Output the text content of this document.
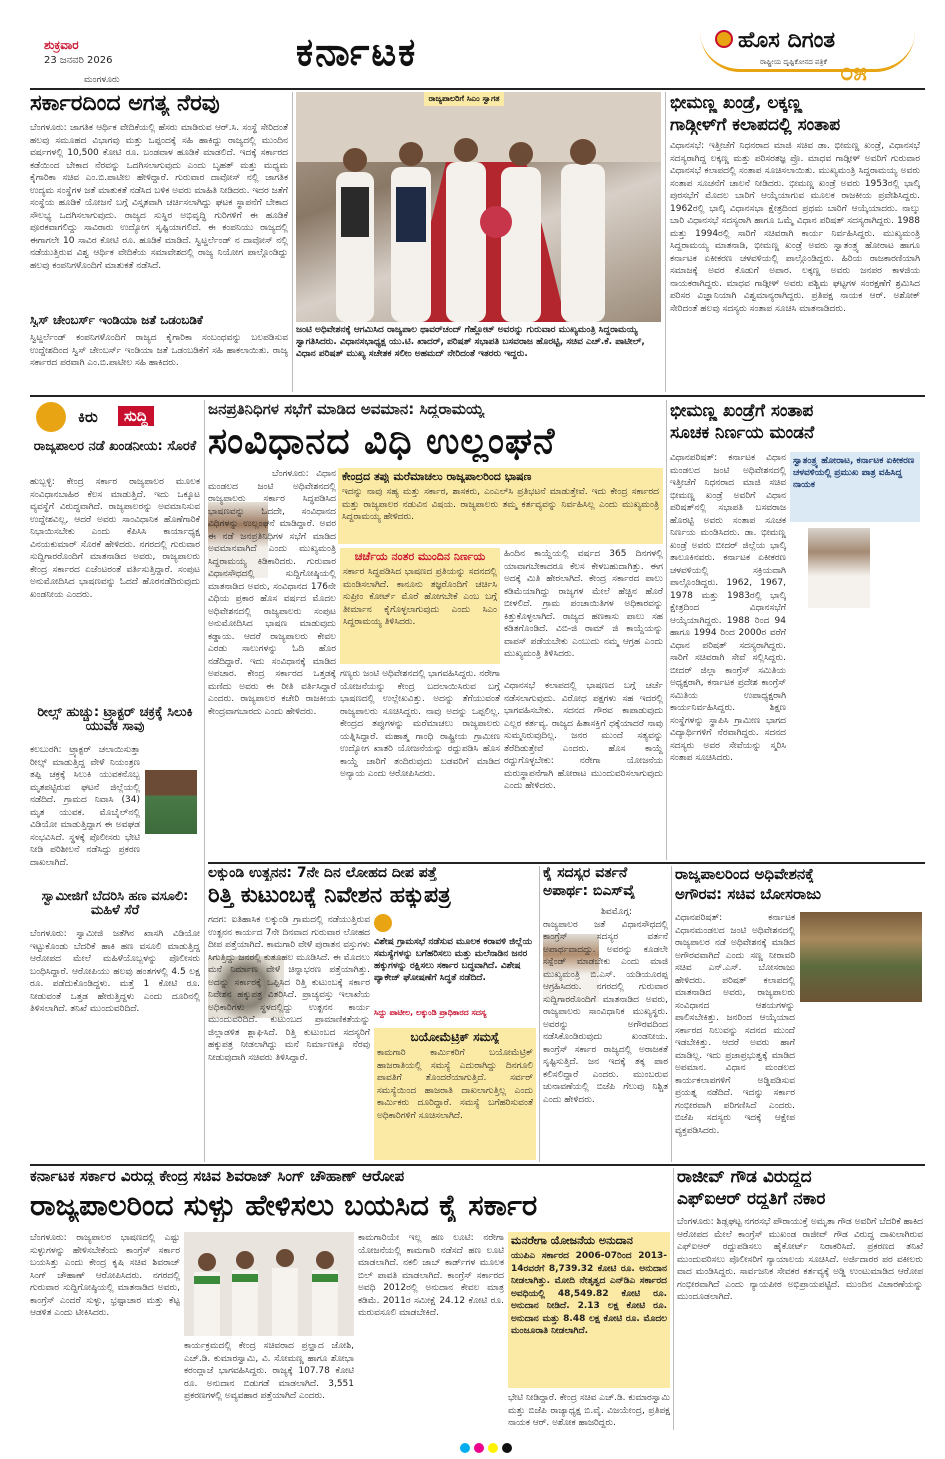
ಶುಕ್ರವಾರ
23 ಜನವರಿ 2026
ಮಂಗಳೂರು
ಕರ್ನಾಟಕ	ಹೊಸ ದಿಗಂತ
ರಾಷ್ಟ್ರೀಯ ದೃಷ್ಟಿಕೋನದ ಪತ್ರಿಕೆ ೦೫
ಸರ್ಕಾರದಿಂದ ಅಗತ್ಯ ನೆರವು
ಬೆಂಗಳೂರು: ಜಾಗತಿಕ ಆರ್ಥಿಕ ವೇದಿಕೆಯಲ್ಲಿ ಹೆಸರು ಮಾಡಿರುವ ಆರ್.ಸಿ. ಸಂಸ್ಥೆ ಸೇರಿದಂತೆ ಹಲವು ಸಮೂಹದ ವಿಭಾಗವು ಮತ್ತು ಒಪ್ಪಂದಕ್ಕೆ ಸಹಿ ಹಾಕಿದ್ದು ರಾಜ್ಯದಲ್ಲಿ ಮುಂದಿನ ವರ್ಷಗಳಲ್ಲಿ 10,500 ಕೋಟಿ ರೂ. ಬಂಡವಾಳ ಹೂಡಿಕೆ ಮಾಡಲಿದೆ. ಇದಕ್ಕೆ ಸರ್ಕಾರದ ಕಡೆಯಿಂದ ಬೇಕಾದ ನೆರವನ್ನು ಒದಗಿಸಲಾಗುವುದು ಎಂದು ಬೃಹತ್ ಮತ್ತು ಮಧ್ಯಮ ಕೈಗಾರಿಕಾ ಸಚಿವ ಎಂ.ಬಿ.ಪಾಟೀಲ ಹೇಳಿದ್ದಾರೆ. ಗುರುವಾರ ದಾವೋಸ್ ನಲ್ಲಿ ಜಾಗತಿಕ ಉದ್ಯಮ ಸಂಸ್ಥೆಗಳ ಜತೆ ಮಾತುಕತೆ ನಡೆಸಿದ ಬಳಿಕ ಅವರು ಮಾಹಿತಿ ನೀಡಿದರು. ಇದರ ಜತೆಗೆ ಸಂಸ್ಥೆಯ ಹೂಡಿಕೆ ಯೋಜನೆ ಬಗ್ಗೆ ವಿಸ್ತೃತವಾಗಿ ಚರ್ಚಿಸಲಾಗಿದ್ದು ಘಟಕ ಸ್ಥಾಪನೆಗೆ ಬೇಕಾದ ಸೌಲಭ್ಯ ಒದಗಿಸಲಾಗುವುದು. ರಾಜ್ಯದ ಸುಸ್ಥಿರ ಅಭಿವೃದ್ಧಿ ಗುರಿಗಳಿಗೆ ಈ ಹೂಡಿಕೆ ಪೂರಕವಾಗಲಿದ್ದು ಸಾವಿರಾರು ಉದ್ಯೋಗ ಸೃಷ್ಟಿಯಾಗಲಿದೆ. ಈ ಕಂಪನಿಯು ರಾಜ್ಯದಲ್ಲಿ ಈಗಾಗಲೇ 10 ಸಾವಿರ ಕೋಟಿ ರೂ. ಹೂಡಿಕೆ ಮಾಡಿದೆ. ಸ್ವಿಟ್ಜರ್ಲೆಂಡ್ ನ ದಾವೋಸ್ ನಲ್ಲಿ ನಡೆಯುತ್ತಿರುವ ವಿಶ್ವ ಆರ್ಥಿಕ ವೇದಿಕೆಯ ಸಮಾವೇಶದಲ್ಲಿ ರಾಜ್ಯ ನಿಯೋಗ ಪಾಲ್ಗೊಂಡಿದ್ದು ಹಲವು ಕಂಪನಿಗಳೊಂದಿಗೆ ಮಾತುಕತೆ ನಡೆಸಿದೆ.
ಸ್ವಿಸ್ ಚೇಂಬರ್ಸ್ ಇಂಡಿಯಾ ಜತೆ ಒಡಂಬಡಿಕೆ
ಸ್ವಿಟ್ಜರ್ಲೆಂಡ್ ಕಂಪನಿಗಳೊಂದಿಗೆ ರಾಜ್ಯದ ಕೈಗಾರಿಕಾ ಸಂಬಂಧವನ್ನು ಬಲಪಡಿಸುವ ಉದ್ದೇಶದಿಂದ ಸ್ವಿಸ್ ಚೇಂಬರ್ಸ್ ಇಂಡಿಯಾ ಜತೆ ಒಡಂಬಡಿಕೆಗೆ ಸಹಿ ಹಾಕಲಾಯಿತು. ರಾಜ್ಯ ಸರ್ಕಾರದ ಪರವಾಗಿ ಎಂ.ಬಿ.ಪಾಟೀಲ ಸಹಿ ಹಾಕಿದರು.
ರಾಜ್ಯಪಾಲರಿಗೆ ಸಿಎಂ ಸ್ವಾಗತ
ಜಂಟಿ ಅಧಿವೇಶನಕ್ಕೆ ಆಗಮಿಸಿದ ರಾಜ್ಯಪಾಲ ಥಾವರ್‌ಚಂದ್ ಗೆಹ್ಲೋಟ್ ಅವರನ್ನು ಗುರುವಾರ ಮುಖ್ಯಮಂತ್ರಿ ಸಿದ್ದರಾಮಯ್ಯ ಸ್ವಾಗತಿಸಿದರು. ವಿಧಾನಸಭಾಧ್ಯಕ್ಷ ಯು.ಟಿ. ಖಾದರ್, ಪರಿಷತ್ ಸಭಾಪತಿ ಬಸವರಾಜ ಹೊರಟ್ಟಿ, ಸಚಿವ ಎಚ್.ಕೆ. ಪಾಟೀಲ್, ವಿಧಾನ ಪರಿಷತ್ ಮುಖ್ಯ ಸಚೇತಕ ಸಲೀಂ ಅಹಮದ್ ನೇರಿದಂತೆ ಇತರರು ಇದ್ದರು.
ಭೀಮಣ್ಣ ಖಂಡ್ರೆ, ಲಕ್ಕಣ್ಣ
ಗಾಡ್ಗೀಳ್‌ಗೆ ಕಲಾಪದಲ್ಲಿ ಸಂತಾಪ
ವಿಧಾನಸಭೆ: ಇತ್ತೀಚೆಗೆ ನಿಧನರಾದ ಮಾಜಿ ಸಚಿವ ಡಾ. ಭೀಮಣ್ಣ ಖಂಡ್ರೆ, ವಿಧಾನಸಭೆ ಸದಸ್ಯರಾಗಿದ್ದ ಲಕ್ಕಣ್ಣ ಮತ್ತು ಪರಿಸರತಜ್ಞ ಪ್ರೊ. ಮಾಧವ ಗಾಡ್ಗೀಳ್ ಅವರಿಗೆ ಗುರುವಾರ ವಿಧಾನಸಭೆ ಕಲಾಪದಲ್ಲಿ ಸಂತಾಪ ಸೂಚಿಸಲಾಯಿತು. ಮುಖ್ಯಮಂತ್ರಿ ಸಿದ್ದರಾಮಯ್ಯ ಅವರು ಸಂತಾಪ ಸೂಚನೆಗೆ ಚಾಲನೆ ನೀಡಿದರು. ಭೀಮಣ್ಣ ಖಂಡ್ರೆ ಅವರು 1953ರಲ್ಲಿ ಭಾಲ್ಕಿ ಪುರಸಭೆಗೆ ಮೊದಲ ಬಾರಿಗೆ ಆಯ್ಕೆಯಾಗುವ ಮೂಲಕ ರಾಜಕೀಯ ಪ್ರವೇಶಿಸಿದ್ದರು. 1962ರಲ್ಲಿ ಭಾಲ್ಕಿ ವಿಧಾನಸಭಾ ಕ್ಷೇತ್ರದಿಂದ ಪ್ರಥಮ ಬಾರಿಗೆ ಆಯ್ಕೆಯಾದರು. ನಾಲ್ಕು ಬಾರಿ ವಿಧಾನಸಭೆ ಸದಸ್ಯರಾಗಿ ಹಾಗೂ ಒಮ್ಮೆ ವಿಧಾನ ಪರಿಷತ್ ಸದಸ್ಯರಾಗಿದ್ದರು. 1988 ಮತ್ತು 1994ರಲ್ಲಿ ಸಾರಿಗೆ ಸಚಿವರಾಗಿ ಕಾರ್ಯ ನಿರ್ವಹಿಸಿದ್ದರು. ಮುಖ್ಯಮಂತ್ರಿ ಸಿದ್ದರಾಮಯ್ಯ ಮಾತನಾಡಿ, ಭೀಮಣ್ಣ ಖಂಡ್ರೆ ಅವರು ಸ್ವಾತಂತ್ರ್ಯ ಹೋರಾಟ ಹಾಗೂ ಕರ್ನಾಟಕ ಏಕೀಕರಣ ಚಳವಳಿಯಲ್ಲಿ ಪಾಲ್ಗೊಂಡಿದ್ದರು. ಹಿರಿಯ ರಾಜಕಾರಣಿಯಾಗಿ ಸಮಾಜಕ್ಕೆ ಅವರ ಕೊಡುಗೆ ಅಪಾರ. ಲಕ್ಕಣ್ಣ ಅವರು ಜನಪರ ಕಾಳಜಿಯ ನಾಯಕರಾಗಿದ್ದರು. ಮಾಧವ ಗಾಡ್ಗೀಳ್ ಅವರು ಪಶ್ಚಿಮ ಘಟ್ಟಗಳ ಸಂರಕ್ಷಣೆಗೆ ಶ್ರಮಿಸಿದ ಪರಿಸರ ವಿಜ್ಞಾನಿಯಾಗಿ ವಿಶ್ವಮಾನ್ಯರಾಗಿದ್ದರು. ಪ್ರತಿಪಕ್ಷ ನಾಯಕ ಆರ್. ಅಶೋಕ್ ಸೇರಿದಂತೆ ಹಲವು ಸದಸ್ಯರು ಸಂತಾಪ ಸೂಚಿಸಿ ಮಾತನಾಡಿದರು.
ಕಿರು	ಸುದ್ದಿ
ರಾಜ್ಯಪಾಲರ ನಡೆ ಖಂಡನೀಯ: ಸೊರಕೆ
ಹುಬ್ಬಳ್ಳಿ: ಕೇಂದ್ರ ಸರ್ಕಾರ ರಾಜ್ಯಪಾಲರ ಮೂಲಕ ಸಂವಿಧಾನಬಾಹಿರ ಕೆಲಸ ಮಾಡುತ್ತಿದೆ. ಇದು ಒಕ್ಕೂಟ ವ್ಯವಸ್ಥೆಗೆ ವಿರುದ್ಧವಾಗಿದೆ. ರಾಜ್ಯಪಾಲರನ್ನು ಅವಮಾನಿಸುವ ಉದ್ದೇಶವಿಲ್ಲ, ಆದರೆ ಅವರು ಸಾಂವಿಧಾನಿಕ ಹೊಣೆಗಾರಿಕೆ ನಿಭಾಯಿಸಬೇಕು ಎಂದು ಕೆಪಿಸಿಸಿ ಕಾರ್ಯಾಧ್ಯಕ್ಷ ವಿನಯಕುಮಾರ್ ಸೊರಕೆ ಹೇಳಿದರು. ನಗರದಲ್ಲಿ ಗುರುವಾರ ಸುದ್ದಿಗಾರರೊಂದಿಗೆ ಮಾತನಾಡಿದ ಅವರು, ರಾಜ್ಯಪಾಲರು ಕೇಂದ್ರ ಸರ್ಕಾರದ ಏಜೆಂಟರಂತೆ ವರ್ತಿಸುತ್ತಿದ್ದಾರೆ. ಸಂಪುಟ ಅನುಮೋದಿಸಿದ ಭಾಷಣವನ್ನು ಓದದೆ ಹೊರನಡೆದಿರುವುದು ಖಂಡನೀಯ ಎಂದರು.
ರೀಲ್ಸ್ ಹುಚ್ಚು: ಟ್ರ್ಯಾಕ್ಟರ್ ಚಕ್ರಕ್ಕೆ ಸಿಲುಕಿ ಯುವಕ ಸಾವು
ಕಲಬುರಗಿ: ಟ್ರ್ಯಾಕ್ಟರ್ ಚಲಾಯಿಸುತ್ತಾ ರೀಲ್ಸ್ ಮಾಡುತ್ತಿದ್ದ ವೇಳೆ ನಿಯಂತ್ರಣ ತಪ್ಪಿ ಚಕ್ರಕ್ಕೆ ಸಿಲುಕಿ ಯುವಕನೊಬ್ಬ ಮೃತಪಟ್ಟಿರುವ ಘಟನೆ ಜಿಲ್ಲೆಯಲ್ಲಿ ನಡೆದಿದೆ. ಗ್ರಾಮದ ನಿವಾಸಿ (34) ಮೃತ ಯುವಕ. ಮೊಬೈಲ್‌ನಲ್ಲಿ ವಿಡಿಯೋ ಮಾಡುತ್ತಿದ್ದಾಗ ಈ ಅವಘಡ ಸಂಭವಿಸಿದೆ. ಸ್ಥಳಕ್ಕೆ ಪೊಲೀಸರು ಭೇಟಿ ನೀಡಿ ಪರಿಶೀಲನೆ ನಡೆಸಿದ್ದು ಪ್ರಕರಣ ದಾಖಲಾಗಿದೆ.
ಸ್ವಾಮೀಜಿಗೆ ಬೆದರಿಸಿ ಹಣ ವಸೂಲಿ: ಮಹಿಳೆ ಸೆರೆ
ಬೆಂಗಳೂರು: ಸ್ವಾಮೀಜಿ ಜತೆಗಿನ ಖಾಸಗಿ ವಿಡಿಯೋ ಇಟ್ಟುಕೊಂಡು ಬೆದರಿಕೆ ಹಾಕಿ ಹಣ ವಸೂಲಿ ಮಾಡುತ್ತಿದ್ದ ಆರೋಪದ ಮೇಲೆ ಮಹಿಳೆಯೊಬ್ಬಳನ್ನು ಪೊಲೀಸರು ಬಂಧಿಸಿದ್ದಾರೆ. ಆರೋಪಿಯು ಹಲವು ಹಂತಗಳಲ್ಲಿ 4.5 ಲಕ್ಷ ರೂ. ಪಡೆದುಕೊಂಡಿದ್ದಳು. ಮತ್ತೆ 1 ಕೋಟಿ ರೂ. ನೀಡುವಂತೆ ಒತ್ತಡ ಹೇರುತ್ತಿದ್ದಳು ಎಂದು ದೂರಿನಲ್ಲಿ ತಿಳಿಸಲಾಗಿದೆ. ತನಿಖೆ ಮುಂದುವರಿದಿದೆ.
ಜನಪ್ರತಿನಿಧಿಗಳ ಸಭೆಗೆ ಮಾಡಿದ ಅವಮಾನ: ಸಿದ್ದರಾಮಯ್ಯ
ಸಂವಿಧಾನದ ವಿಧಿ ಉಲ್ಲಂಘನೆ
ಬೆಂಗಳೂರು: ವಿಧಾನ ಮಂಡಲದ ಜಂಟಿ ಅಧಿವೇಶನದಲ್ಲಿ ರಾಜ್ಯಪಾಲರು ಸರ್ಕಾರ ಸಿದ್ಧಪಡಿಸಿದ ಭಾಷಣವನ್ನು ಓದದೇ, ಸಂವಿಧಾನದ ವಿಧಿಗಳನ್ನು ಉಲ್ಲಂಘನೆ ಮಾಡಿದ್ದಾರೆ. ಅವರ ಈ ನಡೆ ಜನಪ್ರತಿನಿಧಿಗಳ ಸಭೆಗೆ ಮಾಡಿದ ಅವಮಾನವಾಗಿದೆ ಎಂದು ಮುಖ್ಯಮಂತ್ರಿ ಸಿದ್ದರಾಮಯ್ಯ ಕಿಡಿಕಾರಿದರು. ಗುರುವಾರ ವಿಧಾನಸೌಧದಲ್ಲಿ ಸುದ್ದಿಗೋಷ್ಠಿಯಲ್ಲಿ ಮಾತನಾಡಿದ ಅವರು, ಸಂವಿಧಾನದ 176ನೇ ವಿಧಿಯ ಪ್ರಕಾರ ಹೊಸ ವರ್ಷದ ಮೊದಲ ಅಧಿವೇಶನದಲ್ಲಿ ರಾಜ್ಯಪಾಲರು ಸಂಪುಟ ಅನುಮೋದಿಸಿದ ಭಾಷಣ ಮಾಡುವುದು ಕಡ್ಡಾಯ. ಆದರೆ ರಾಜ್ಯಪಾಲರು ಕೇವಲ ಎರಡು ಸಾಲುಗಳನ್ನು ಓದಿ ಹೊರ ನಡೆದಿದ್ದಾರೆ. ಇದು ಸಂವಿಧಾನಕ್ಕೆ ಮಾಡಿದ ಅಪಚಾರ. ಕೇಂದ್ರ ಸರ್ಕಾರದ ಒತ್ತಡಕ್ಕೆ ಮಣಿದು ಅವರು ಈ ರೀತಿ ವರ್ತಿಸಿದ್ದಾರೆ ಎಂದರು. ರಾಜ್ಯಪಾಲರ ಕಚೇರಿ ರಾಜಕೀಯ ಕೇಂದ್ರವಾಗಬಾರದು ಎಂದು ಹೇಳಿದರು.
ಕೇಂದ್ರದ ತಪ್ಪು ಮರೆಮಾಚಲು ರಾಜ್ಯಪಾಲರಿಂದ ಭಾಷಣ
ಇದನ್ನು ನಾವು ಸಹ್ಯ ಮತ್ತು ಸರ್ಕಾರ, ಶಾಸಕರು, ಎಂಎಲ್‌ಸಿ ಪ್ರತಿಭಟನೆ ಮಾಡುತ್ತೇವೆ. ಇದು ಕೇಂದ್ರ ಸರ್ಕಾರದ ಮತ್ತು ರಾಜ್ಯಪಾಲರ ನಡುವಿನ ವಿಷಯ. ರಾಜ್ಯಪಾಲರು ತಮ್ಮ ಕರ್ತವ್ಯವನ್ನು ನಿರ್ವಹಿಸಿಲ್ಲ ಎಂದು ಮುಖ್ಯಮಂತ್ರಿ ಸಿದ್ದರಾಮಯ್ಯ ಹೇಳಿದರು.
ಚರ್ಚೆಯ ನಂತರ ಮುಂದಿನ ನಿರ್ಣಯ
ಸರ್ಕಾರ ಸಿದ್ಧಪಡಿಸಿದ ಭಾಷಣದ ಪ್ರತಿಯನ್ನು ಸದನದಲ್ಲಿ ಮಂಡಿಸಲಾಗಿದೆ. ಕಾನೂನು ತಜ್ಞರೊಂದಿಗೆ ಚರ್ಚಿಸಿ ಸುಪ್ರೀಂ ಕೋರ್ಟ್ ಮೊರೆ ಹೋಗಬೇಕೆ ಎಂಬ ಬಗ್ಗೆ ತೀರ್ಮಾನ ಕೈಗೊಳ್ಳಲಾಗುವುದು ಎಂದು ಸಿಎಂ ಸಿದ್ದರಾಮಯ್ಯ ತಿಳಿಸಿದರು.
ಗಣ್ಯರು ಜಂಟಿ ಅಧಿವೇಶನದಲ್ಲಿ ಭಾಗವಹಿಸಿದ್ದರು. ನರೇಗಾ ಯೋಜನೆಯನ್ನು ಕೇಂದ್ರ ಬದಲಾಯಿಸಿರುವ ಬಗ್ಗೆ ಭಾಷಣದಲ್ಲಿ ಉಲ್ಲೇಖವಿತ್ತು. ಅದನ್ನು ತೆಗೆಯುವಂತೆ ರಾಜ್ಯಪಾಲರು ಸೂಚಿಸಿದ್ದರು. ನಾವು ಅದನ್ನು ಒಪ್ಪಲಿಲ್ಲ. ಕೇಂದ್ರದ ತಪ್ಪುಗಳನ್ನು ಮರೆಮಾಚಲು ರಾಜ್ಯಪಾಲರು ಯತ್ನಿಸಿದ್ದಾರೆ. ಮಹಾತ್ಮ ಗಾಂಧಿ ರಾಷ್ಟ್ರೀಯ ಗ್ರಾಮೀಣ ಉದ್ಯೋಗ ಖಾತರಿ ಯೋಜನೆಯನ್ನು ರದ್ದುಪಡಿಸಿ ಹೊಸ ಕಾಯ್ದೆ ಜಾರಿಗೆ ತಂದಿರುವುದು ಬಡವರಿಗೆ ಮಾಡಿದ ಅನ್ಯಾಯ ಎಂದು ಆರೋಪಿಸಿದರು.
ಹಿಂದಿನ ಕಾಯ್ದೆಯಲ್ಲಿ ವರ್ಷದ 365 ದಿನಗಳಲ್ಲಿ ಯಾವಾಗಬೇಕಾದರೂ ಕೆಲಸ ಕೇಳಬಹುದಾಗಿತ್ತು. ಈಗ ಅದಕ್ಕೆ ಮಿತಿ ಹೇರಲಾಗಿದೆ. ಕೇಂದ್ರ ಸರ್ಕಾರದ ಪಾಲು ಕಡಿಮೆಯಾಗಿದ್ದು ರಾಜ್ಯಗಳ ಮೇಲೆ ಹೆಚ್ಚಿನ ಹೊರೆ ಬೀಳಲಿದೆ. ಗ್ರಾಮ ಪಂಚಾಯಿತಿಗಳ ಅಧಿಕಾರವನ್ನು ಕಿತ್ತುಕೊಳ್ಳಲಾಗಿದೆ. ರಾಜ್ಯದ ಹಣಕಾಸು ಪಾಲು ಸಹ ಕಡಿತಗೊಂಡಿದೆ. ವಿಬಿ-ಜಿ ರಾಮ್ ಜಿ ಕಾಯ್ದೆಯನ್ನು ವಾಪಸ್ ಪಡೆಯಬೇಕು ಎಂಬುದು ನಮ್ಮ ಆಗ್ರಹ ಎಂದು ಮುಖ್ಯಮಂತ್ರಿ ತಿಳಿಸಿದರು.
ವಿಧಾನಸಭೆ ಕಲಾಪದಲ್ಲಿ ಭಾಷಣದ ಬಗ್ಗೆ ಚರ್ಚೆ ನಡೆಸಲಾಗುವುದು. ವಿರೋಧ ಪಕ್ಷಗಳು ಸಹ ಇದರಲ್ಲಿ ಭಾಗವಹಿಸಬೇಕು. ಸದನದ ಗೌರವ ಕಾಪಾಡುವುದು ಎಲ್ಲರ ಕರ್ತವ್ಯ. ರಾಜ್ಯದ ಹಿತಾಸಕ್ತಿಗೆ ಧಕ್ಕೆಯಾದರೆ ನಾವು ಸುಮ್ಮನಿರುವುದಿಲ್ಲ. ಜನರ ಮುಂದೆ ಸತ್ಯವನ್ನು ತೆರೆದಿಡುತ್ತೇವೆ ಎಂದರು. ಹೊಸ ಕಾಯ್ದೆ ರದ್ದುಗೊಳ್ಳಬೇಕು: ನರೇಗಾ ಯೋಜನೆಯ ಮರುಸ್ಥಾಪನೆಗಾಗಿ ಹೋರಾಟ ಮುಂದುವರಿಸಲಾಗುವುದು ಎಂದು ಹೇಳಿದರು.
ಭೀಮಣ್ಣ ಖಂಡ್ರೆಗೆ ಸಂತಾಪ
ಸೂಚಕ ನಿರ್ಣಯ ಮಂಡನೆ
ಸ್ವಾತಂತ್ರ್ಯ ಹೋರಾಟ, ಕರ್ನಾಟಕ ಏಕೀಕರಣ ಚಳವಳಿಯಲ್ಲಿ ಪ್ರಮುಖ ಪಾತ್ರ ವಹಿಸಿದ್ದ ನಾಯಕ
ವಿಧಾನಪರಿಷತ್: ಕರ್ನಾಟಕ ವಿಧಾನ ಮಂಡಲದ ಜಂಟಿ ಅಧಿವೇಶನದಲ್ಲಿ ಇತ್ತೀಚೆಗೆ ನಿಧನರಾದ ಮಾಜಿ ಸಚಿವ ಭೀಮಣ್ಣ ಖಂಡ್ರೆ ಅವರಿಗೆ ವಿಧಾನ ಪರಿಷತ್‌ನಲ್ಲಿ ಸಭಾಪತಿ ಬಸವರಾಜ ಹೊರಟ್ಟಿ ಅವರು ಸಂತಾಪ ಸೂಚಕ ನಿರ್ಣಯ ಮಂಡಿಸಿದರು. ಡಾ. ಭೀಮಣ್ಣ ಖಂಡ್ರೆ ಅವರು ಬೀದರ್ ಜಿಲ್ಲೆಯ ಭಾಲ್ಕಿ ತಾಲೂಕಿನವರು. ಕರ್ನಾಟಕ ಏಕೀಕರಣ ಚಳವಳಿಯಲ್ಲಿ ಸಕ್ರಿಯವಾಗಿ ಪಾಲ್ಗೊಂಡಿದ್ದರು. 1962, 1967, 1978 ಮತ್ತು 1983ರಲ್ಲಿ ಭಾಲ್ಕಿ ಕ್ಷೇತ್ರದಿಂದ ವಿಧಾನಸಭೆಗೆ ಆಯ್ಕೆಯಾಗಿದ್ದರು. 1988 ರಿಂದ 94 ಹಾಗೂ 1994 ರಿಂದ 2000ರ ವರೆಗೆ ವಿಧಾನ ಪರಿಷತ್ ಸದಸ್ಯರಾಗಿದ್ದರು. ಸಾರಿಗೆ ಸಚಿವರಾಗಿ ಸೇವೆ ಸಲ್ಲಿಸಿದ್ದರು. ಬೀದರ್ ಜಿಲ್ಲಾ ಕಾಂಗ್ರೆಸ್ ಸಮಿತಿಯ ಅಧ್ಯಕ್ಷರಾಗಿ, ಕರ್ನಾಟಕ ಪ್ರದೇಶ ಕಾಂಗ್ರೆಸ್ ಸಮಿತಿಯ ಉಪಾಧ್ಯಕ್ಷರಾಗಿ ಕಾರ್ಯನಿರ್ವಹಿಸಿದ್ದರು. ಶಿಕ್ಷಣ ಸಂಸ್ಥೆಗಳನ್ನು ಸ್ಥಾಪಿಸಿ ಗ್ರಾಮೀಣ ಭಾಗದ ವಿದ್ಯಾರ್ಥಿಗಳಿಗೆ ನೆರವಾಗಿದ್ದರು. ಸದನದ ಸದಸ್ಯರು ಅವರ ಸೇವೆಯನ್ನು ಸ್ಮರಿಸಿ ಸಂತಾಪ ಸೂಚಿಸಿದರು.
ಲಕ್ಕುಂಡಿ ಉತ್ಖನನ: 7ನೇ ದಿನ ಲೋಹದ ದೀಪ ಪತ್ತೆ
ರಿತ್ತಿ ಕುಟುಂಬಕ್ಕೆ ನಿವೇಶನ ಹಕ್ಕುಪತ್ರ
ಗದಗ: ಐತಿಹಾಸಿಕ ಲಕ್ಕುಂಡಿ ಗ್ರಾಮದಲ್ಲಿ ನಡೆಯುತ್ತಿರುವ ಉತ್ಖನನ ಕಾರ್ಯದ 7ನೇ ದಿನವಾದ ಗುರುವಾರ ಲೋಹದ ದೀಪ ಪತ್ತೆಯಾಗಿದೆ. ಕಾಮಗಾರಿ ವೇಳೆ ಪುರಾತನ ವಸ್ತುಗಳು ಸಿಗುತ್ತಿದ್ದು ಜನರಲ್ಲಿ ಕುತೂಹಲ ಮೂಡಿಸಿದೆ. ಈ ಮೊದಲು ಮನೆ ನಿರ್ಮಾಣ ವೇಳೆ ಚಿನ್ನಾಭರಣ ಪತ್ತೆಯಾಗಿತ್ತು. ಅದನ್ನು ಸರ್ಕಾರಕ್ಕೆ ಒಪ್ಪಿಸಿದ ರಿತ್ತಿ ಕುಟುಂಬಕ್ಕೆ ಸರ್ಕಾರ ನಿವೇಶನ ಹಕ್ಕುಪತ್ರ ವಿತರಿಸಿದೆ. ಪ್ರಾಚ್ಯವಸ್ತು ಇಲಾಖೆಯ ಅಧಿಕಾರಿಗಳು ಸ್ಥಳದಲ್ಲಿದ್ದು ಉತ್ಖನನ ಕಾರ್ಯ ಮುಂದುವರಿದಿದೆ. ಕುಟುಂಬದ ಪ್ರಾಮಾಣಿಕತೆಯನ್ನು ಜಿಲ್ಲಾಡಳಿತ ಶ್ಲಾಘಿಸಿದೆ. ರಿತ್ತಿ ಕುಟುಂಬದ ಸದಸ್ಯರಿಗೆ ಹಕ್ಕುಪತ್ರ ನೀಡಲಾಗಿದ್ದು ಮನೆ ನಿರ್ಮಾಣಕ್ಕೂ ನೆರವು ನೀಡುವುದಾಗಿ ಸಚಿವರು ತಿಳಿಸಿದ್ದಾರೆ.
ವಿಶೇಷ ಗ್ರಾಮಸಭೆ ನಡೆಸುವ ಮೂಲಕ ಕರಾವಳಿ ಜಿಲ್ಲೆಯ ಸಮಸ್ಯೆಗಳನ್ನು ಬಗೆಹರಿಸಲು ಮತ್ತು ಮಲೆನಾಡಿನ ಜನರ ಹಕ್ಕುಗಳನ್ನು ರಕ್ಷಿಸಲು ಸರ್ಕಾರ ಬದ್ಧವಾಗಿದೆ. ವಿಶೇಷ ಪ್ಯಾಕೇಜ್ ಘೋಷಣೆಗೆ ಸಿದ್ಧತೆ ನಡೆದಿದೆ.
ಸಿದ್ದು ಪಾಟೀಲ, ಲಕ್ಕುಂಡಿ ಪ್ರಾಧಿಕಾರದ ಸದಸ್ಯ
ಬಯೋಮೆಟ್ರಿಕ್ ಸಮಸ್ಯೆ
ಕಾಮಗಾರಿ ಕಾರ್ಮಿಕರಿಗೆ ಬಯೋಮೆಟ್ರಿಕ್ ಹಾಜರಾತಿಯಲ್ಲಿ ಸಮಸ್ಯೆ ಎದುರಾಗಿದ್ದು ದಿನಗೂಲಿ ಪಾವತಿಗೆ ತೊಂದರೆಯಾಗುತ್ತಿದೆ. ಸರ್ವರ್ ಸಮಸ್ಯೆಯಿಂದ ಹಾಜರಾತಿ ದಾಖಲಾಗುತ್ತಿಲ್ಲ ಎಂದು ಕಾರ್ಮಿಕರು ದೂರಿದ್ದಾರೆ. ಸಮಸ್ಯೆ ಬಗೆಹರಿಸುವಂತೆ ಅಧಿಕಾರಿಗಳಿಗೆ ಸೂಚಿಸಲಾಗಿದೆ.
ಕೈ ಸದಸ್ಯರ ವರ್ತನೆ
ಅಪಾರ್ಥ: ಬಿಎಸ್‌ವೈ
ಶಿವಮೊಗ್ಗ: ರಾಜ್ಯಪಾಲರ ಜತೆ ವಿಧಾನಸೌಧದಲ್ಲಿ ಕಾಂಗ್ರೆಸ್ ಸದಸ್ಯರ ವರ್ತನೆ ಅಪಾರ್ಥವಾದದ್ದು. ಅವರನ್ನು ಕೂಡಲೇ ಸಸ್ಪೆಂಡ್ ಮಾಡಬೇಕು ಎಂದು ಮಾಜಿ ಮುಖ್ಯಮಂತ್ರಿ ಬಿ.ಎಸ್. ಯಡಿಯೂರಪ್ಪ ಆಗ್ರಹಿಸಿದರು. ನಗರದಲ್ಲಿ ಗುರುವಾರ ಸುದ್ದಿಗಾರರೊಂದಿಗೆ ಮಾತನಾಡಿದ ಅವರು, ರಾಜ್ಯಪಾಲರು ಸಾಂವಿಧಾನಿಕ ಮುಖ್ಯಸ್ಥರು. ಅವರನ್ನು ಅಗೌರವದಿಂದ ನಡೆಸಿಕೊಂಡಿರುವುದು ಖಂಡನೀಯ. ಕಾಂಗ್ರೆಸ್ ಸರ್ಕಾರ ರಾಜ್ಯದಲ್ಲಿ ಅರಾಜಕತೆ ಸೃಷ್ಟಿಸುತ್ತಿದೆ. ಜನ ಇದಕ್ಕೆ ತಕ್ಕ ಪಾಠ ಕಲಿಸಲಿದ್ದಾರೆ ಎಂದರು. ಮುಂಬರುವ ಚುನಾವಣೆಯಲ್ಲಿ ಬಿಜೆಪಿ ಗೆಲುವು ನಿಶ್ಚಿತ ಎಂದು ಹೇಳಿದರು.
ರಾಜ್ಯಪಾಲರಿಂದ ಅಧಿವೇಶನಕ್ಕೆ
ಅಗೌರವ: ಸಚಿವ ಬೋಸರಾಜು
ವಿಧಾನಪರಿಷತ್: ಕರ್ನಾಟಕ ವಿಧಾನಮಂಡಲದ ಜಂಟಿ ಅಧಿವೇಶನದಲ್ಲಿ ರಾಜ್ಯಪಾಲರ ನಡೆ ಅಧಿವೇಶನಕ್ಕೆ ಮಾಡಿದ ಅಗೌರವವಾಗಿದೆ ಎಂದು ಸಣ್ಣ ನೀರಾವರಿ ಸಚಿವ ಎನ್.ಎಸ್. ಬೋಸರಾಜು ಹೇಳಿದರು. ಪರಿಷತ್ ಕಲಾಪದಲ್ಲಿ ಮಾತನಾಡಿದ ಅವರು, ರಾಜ್ಯಪಾಲರು ಸಂವಿಧಾನದ ಆಶಯಗಳನ್ನು ಪಾಲಿಸಬೇಕಿತ್ತು. ಜನರಿಂದ ಆಯ್ಕೆಯಾದ ಸರ್ಕಾರದ ನಿಲುವನ್ನು ಸದನದ ಮುಂದೆ ಇಡಬೇಕಿತ್ತು. ಆದರೆ ಅವರು ಹಾಗೆ ಮಾಡಿಲ್ಲ. ಇದು ಪ್ರಜಾಪ್ರಭುತ್ವಕ್ಕೆ ಮಾಡಿದ ಅಪಮಾನ. ವಿಧಾನ ಮಂಡಲದ ಕಾರ್ಯಕಲಾಪಗಳಿಗೆ ಅಡ್ಡಿಪಡಿಸುವ ಪ್ರಯತ್ನ ನಡೆದಿದೆ. ಇದನ್ನು ಸರ್ಕಾರ ಗಂಭೀರವಾಗಿ ಪರಿಗಣಿಸಿದೆ ಎಂದರು. ಬಿಜೆಪಿ ಸದಸ್ಯರು ಇದಕ್ಕೆ ಆಕ್ಷೇಪ ವ್ಯಕ್ತಪಡಿಸಿದರು.
ಕರ್ನಾಟಕ ಸರ್ಕಾರ ವಿರುದ್ಧ ಕೇಂದ್ರ ಸಚಿವ ಶಿವರಾಜ್ ಸಿಂಗ್ ಚೌಹಾಣ್ ಆರೋಪ
ರಾಜ್ಯಪಾಲರಿಂದ ಸುಳ್ಳು ಹೇಳಿಸಲು ಬಯಸಿದ ಕೈ ಸರ್ಕಾರ
ಬೆಂಗಳೂರು: ರಾಜ್ಯಪಾಲರ ಭಾಷಣದಲ್ಲಿ ಎಷ್ಟು ಸುಳ್ಳುಗಳನ್ನು ಹೇಳಿಸಬೇಕೆಂದು ಕಾಂಗ್ರೆಸ್ ಸರ್ಕಾರ ಬಯಸಿತ್ತು ಎಂದು ಕೇಂದ್ರ ಕೃಷಿ ಸಚಿವ ಶಿವರಾಜ್ ಸಿಂಗ್ ಚೌಹಾಣ್ ಆರೋಪಿಸಿದರು. ನಗರದಲ್ಲಿ ಗುರುವಾರ ಸುದ್ದಿಗೋಷ್ಠಿಯಲ್ಲಿ ಮಾತನಾಡಿದ ಅವರು, ಕಾಂಗ್ರೆಸ್ ಎಂದರೆ ಸುಳ್ಳು, ಭ್ರಷ್ಟಾಚಾರ ಮತ್ತು ಕೆಟ್ಟ ಆಡಳಿತ ಎಂದು ಟೀಕಿಸಿದರು.
ಕಾರ್ಯಕ್ರಮದಲ್ಲಿ ಕೇಂದ್ರ ಸಚಿವರಾದ ಪ್ರಲ್ಹಾದ ಜೋಶಿ, ಎಚ್.ಡಿ. ಕುಮಾರಸ್ವಾಮಿ, ವಿ. ಸೋಮಣ್ಣ ಹಾಗೂ ಶೋಭಾ ಕರಂದ್ಲಾಜೆ ಭಾಗವಹಿಸಿದ್ದರು. ರಾಜ್ಯಕ್ಕೆ 107.78 ಕೋಟಿ ರೂ. ಅನುದಾನ ಬಿಡುಗಡೆ ಮಾಡಲಾಗಿದೆ. 3,551 ಪ್ರಕರಣಗಳಲ್ಲಿ ಅವ್ಯವಹಾರ ಪತ್ತೆಯಾಗಿದೆ ಎಂದರು.
ಕಾಮಗಾರಿಯೇ ಇಲ್ಲ ಹಣ ಲೂಟಿ: ನರೇಗಾ ಯೋಜನೆಯಲ್ಲಿ ಕಾಮಗಾರಿ ನಡೆಸದೆ ಹಣ ಲೂಟಿ ಮಾಡಲಾಗಿದೆ. ನಕಲಿ ಜಾಬ್ ಕಾರ್ಡ್‌ಗಳ ಮೂಲಕ ಬಿಲ್ ಪಾವತಿ ಮಾಡಲಾಗಿದೆ. ಕಾಂಗ್ರೆಸ್ ಸರ್ಕಾರದ ಅವಧಿ 2012ರಲ್ಲಿ ಅನುದಾನ ಕೇವಲ ಮಾತ್ರ ಕಡಿಮೆ. 2011ರ ಸಮೀಕ್ಷೆ 24.12 ಕೋಟಿ ರೂ. ಮರುವಸೂಲಿ ಮಾಡಬೇಕಿದೆ.
ಮನರೇಗಾ ಯೋಜನೆಯ ಅನುದಾನ
ಯುಪಿಎ ಸರ್ಕಾರದ 2006-07ರಿಂದ 2013-14ರವರೆಗೆ 8,739.32 ಕೋಟಿ ರೂ. ಅನುದಾನ ನೀಡಲಾಗಿತ್ತು. ಮೋದಿ ನೇತೃತ್ವದ ಎನ್‌ಡಿಎ ಸರ್ಕಾರದ ಅವಧಿಯಲ್ಲಿ 48,549.82 ಕೋಟಿ ರೂ. ಅನುದಾನ ನೀಡಿದೆ. 2.13 ಲಕ್ಷ ಕೋಟಿ ರೂ. ಅನುದಾನ ಮತ್ತು 8.48 ಲಕ್ಷ ಕೋಟಿ ರೂ. ಮೊದಲ ಮಂಜೂರಾತಿ ನೀಡಲಾಗಿದೆ.
ಭೇಟಿ ನೀಡಿದ್ದಾರೆ. ಕೇಂದ್ರ ಸಚಿವ ಎಚ್.ಡಿ. ಕುಮಾರಸ್ವಾಮಿ ಮತ್ತು ಬಿಜೆಪಿ ರಾಜ್ಯಾಧ್ಯಕ್ಷ ಬಿ.ವೈ. ವಿಜಯೇಂದ್ರ, ಪ್ರತಿಪಕ್ಷ ನಾಯಕ ಆರ್. ಅಶೋಕ ಹಾಜರಿದ್ದರು.
ರಾಜೀವ್ ಗೌಡ ವಿರುದ್ಧದ
ಎಫ್‌ಐಆರ್ ರದ್ದತಿಗೆ ನಕಾರ
ಬೆಂಗಳೂರು: ಶಿಡ್ಲಘಟ್ಟ ನಗರಸಭೆ ಪೌರಾಯುಕ್ತೆ ಅಮೃತಾ ಗೌಡ ಅವರಿಗೆ ಬೆದರಿಕೆ ಹಾಕಿದ ಆರೋಪದ ಮೇಲೆ ಕಾಂಗ್ರೆಸ್ ಮುಖಂಡ ರಾಜೀವ್ ಗೌಡ ವಿರುದ್ಧ ದಾಖಲಾಗಿರುವ ಎಫ್‌ಐಆರ್ ರದ್ದುಪಡಿಸಲು ಹೈಕೋರ್ಟ್ ನಿರಾಕರಿಸಿದೆ. ಪ್ರಕರಣದ ತನಿಖೆ ಮುಂದುವರಿಸಲು ಪೊಲೀಸರಿಗೆ ನ್ಯಾಯಾಲಯ ಸೂಚಿಸಿದೆ. ಅರ್ಜಿದಾರರ ಪರ ವಕೀಲರು ವಾದ ಮಂಡಿಸಿದ್ದರು. ಸಾರ್ವಜನಿಕ ಸೇವಕರ ಕರ್ತವ್ಯಕ್ಕೆ ಅಡ್ಡಿ ಉಂಟುಮಾಡಿದ ಆರೋಪ ಗಂಭೀರವಾಗಿದೆ ಎಂದು ನ್ಯಾಯಪೀಠ ಅಭಿಪ್ರಾಯಪಟ್ಟಿದೆ. ಮುಂದಿನ ವಿಚಾರಣೆಯನ್ನು ಮುಂದೂಡಲಾಗಿದೆ.
